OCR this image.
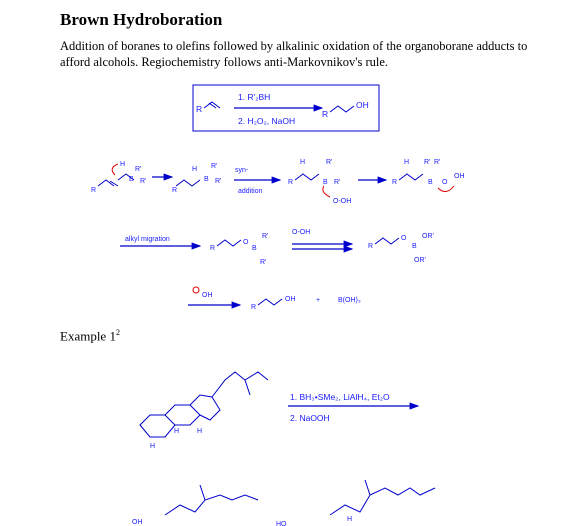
Brown Hydroboration
Addition of boranes to olefins followed by alkalinic oxidation of the organoborane adducts to afford alcohols. Regiochemistry follows anti-Markovnikov's rule.
Example $1^2$
R
1. R'₂BH
2. H₂O₂, NaOH
R
OH
R
H
B
R'
R'
R
H
B
R'
R'
syn-
addition
R
H	R'
B R'
O-OH
R
H R' R'
B O
OH
alkyl migration
R
O
B
R'
R'
O-OH
R
O
B
OR'
OR'
OH
R
OH	+	B(OH)₃
H	H
H
1. BH₃•SMe₂, LiAlH₄, Et₂O
2. NaOOH
OH	HO
H
